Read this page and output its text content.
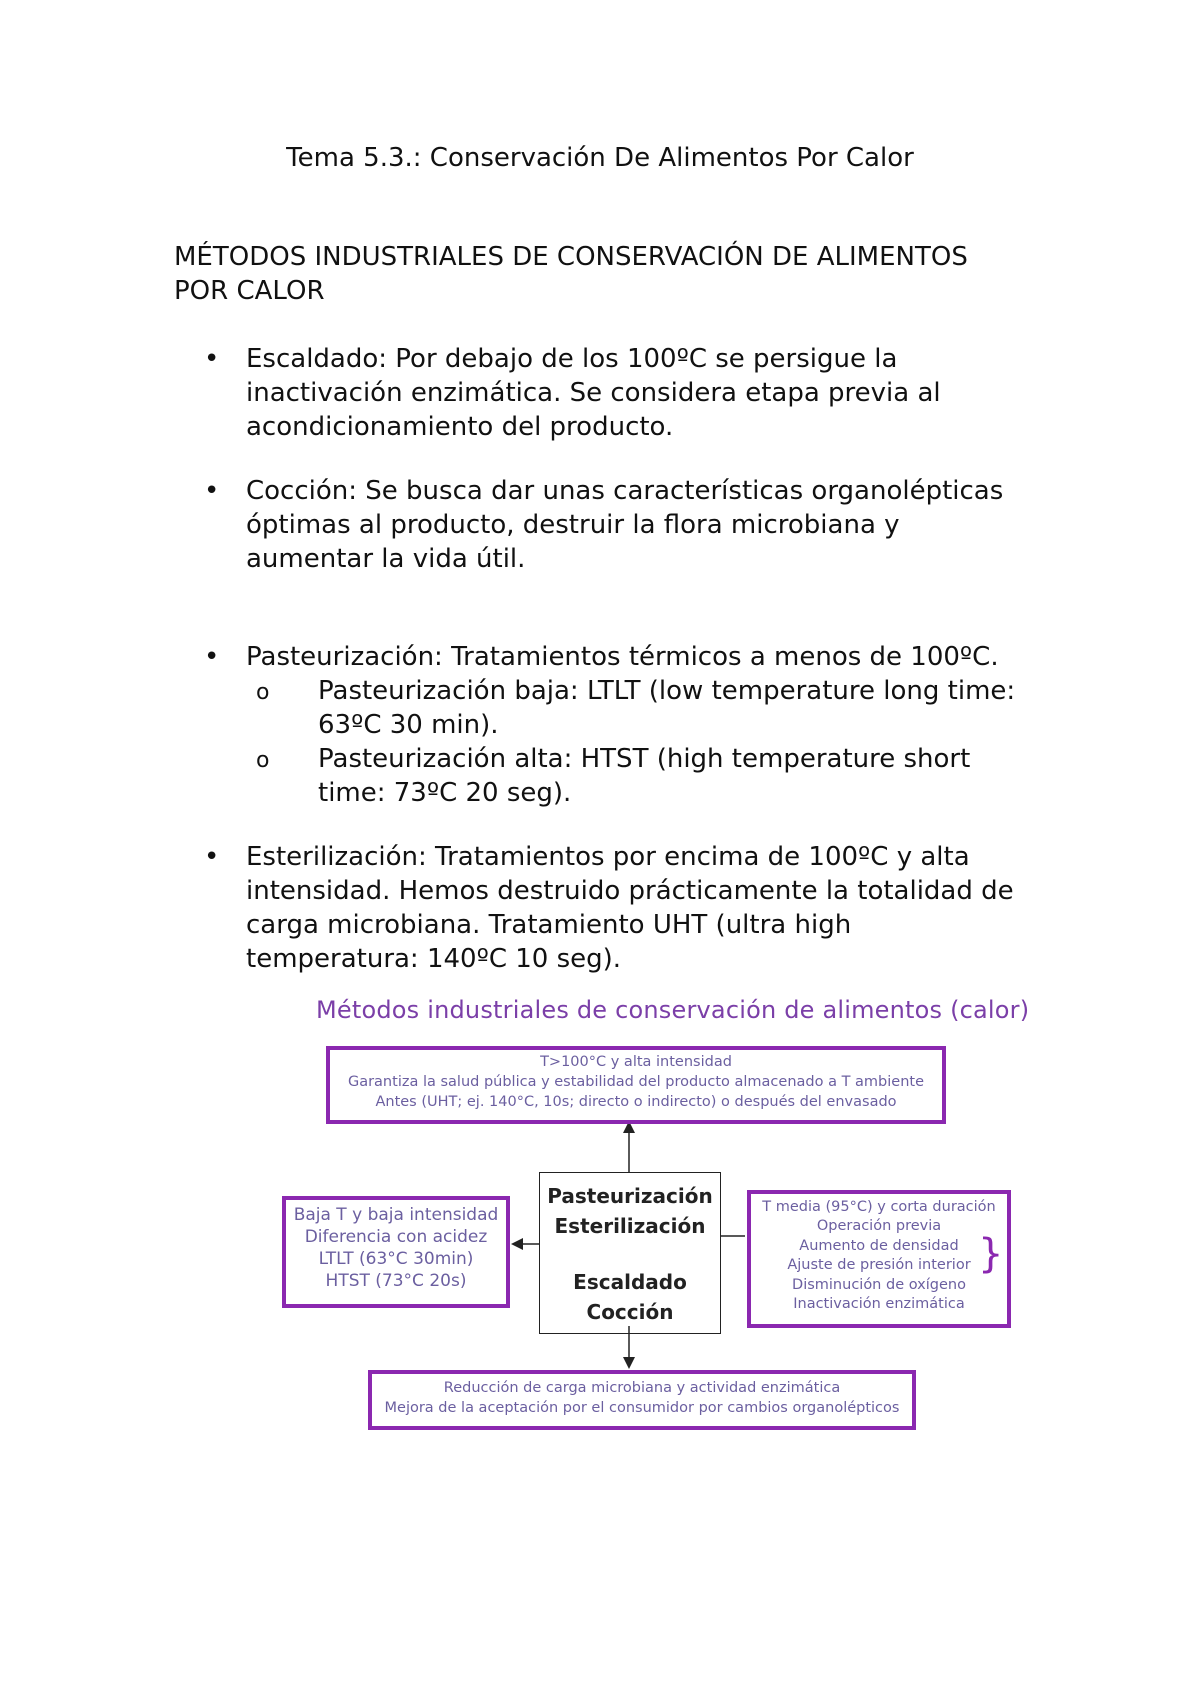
Tema 5.3.: Conservación De Alimentos Por Calor
MÉTODOS INDUSTRIALES DE CONSERVACIÓN DE ALIMENTOS
POR CALOR
• Escaldado: Por debajo de los 100ºC se persigue la
inactivación enzimática. Se considera etapa previa al
acondicionamiento del producto.
• Cocción: Se busca dar unas características organolépticas
óptimas al producto, destruir la flora microbiana y
aumentar la vida útil.
• Pasteurización: Tratamientos térmicos a menos de 100ºC.
o Pasteurización baja: LTLT (low temperature long time:
63ºC 30 min).
o Pasteurización alta: HTST (high temperature short
time: 73ºC 20 seg).
• Esterilización: Tratamientos por encima de 100ºC y alta
intensidad. Hemos destruido prácticamente la totalidad de
carga microbiana. Tratamiento UHT (ultra high
temperatura: 140ºC 10 seg).
Métodos industriales de conservación de alimentos (calor)
T>100°C y alta intensidad
Garantiza la salud pública y estabilidad del producto almacenado a T ambiente
Antes (UHT; ej. 140°C, 10s; directo o indirecto) o después del envasado
Baja T y baja intensidad
Diferencia con acidez
LTLT (63°C 30min)
HTST (73°C 20s)
Pasteurización
Esterilización
Escaldado
Cocción
T media (95°C) y corta duración
Operación previa
Aumento de densidad
Ajuste de presión interior
Disminución de oxígeno
Inactivación enzimática
}
Reducción de carga microbiana y actividad enzimática
Mejora de la aceptación por el consumidor por cambios organolépticos
